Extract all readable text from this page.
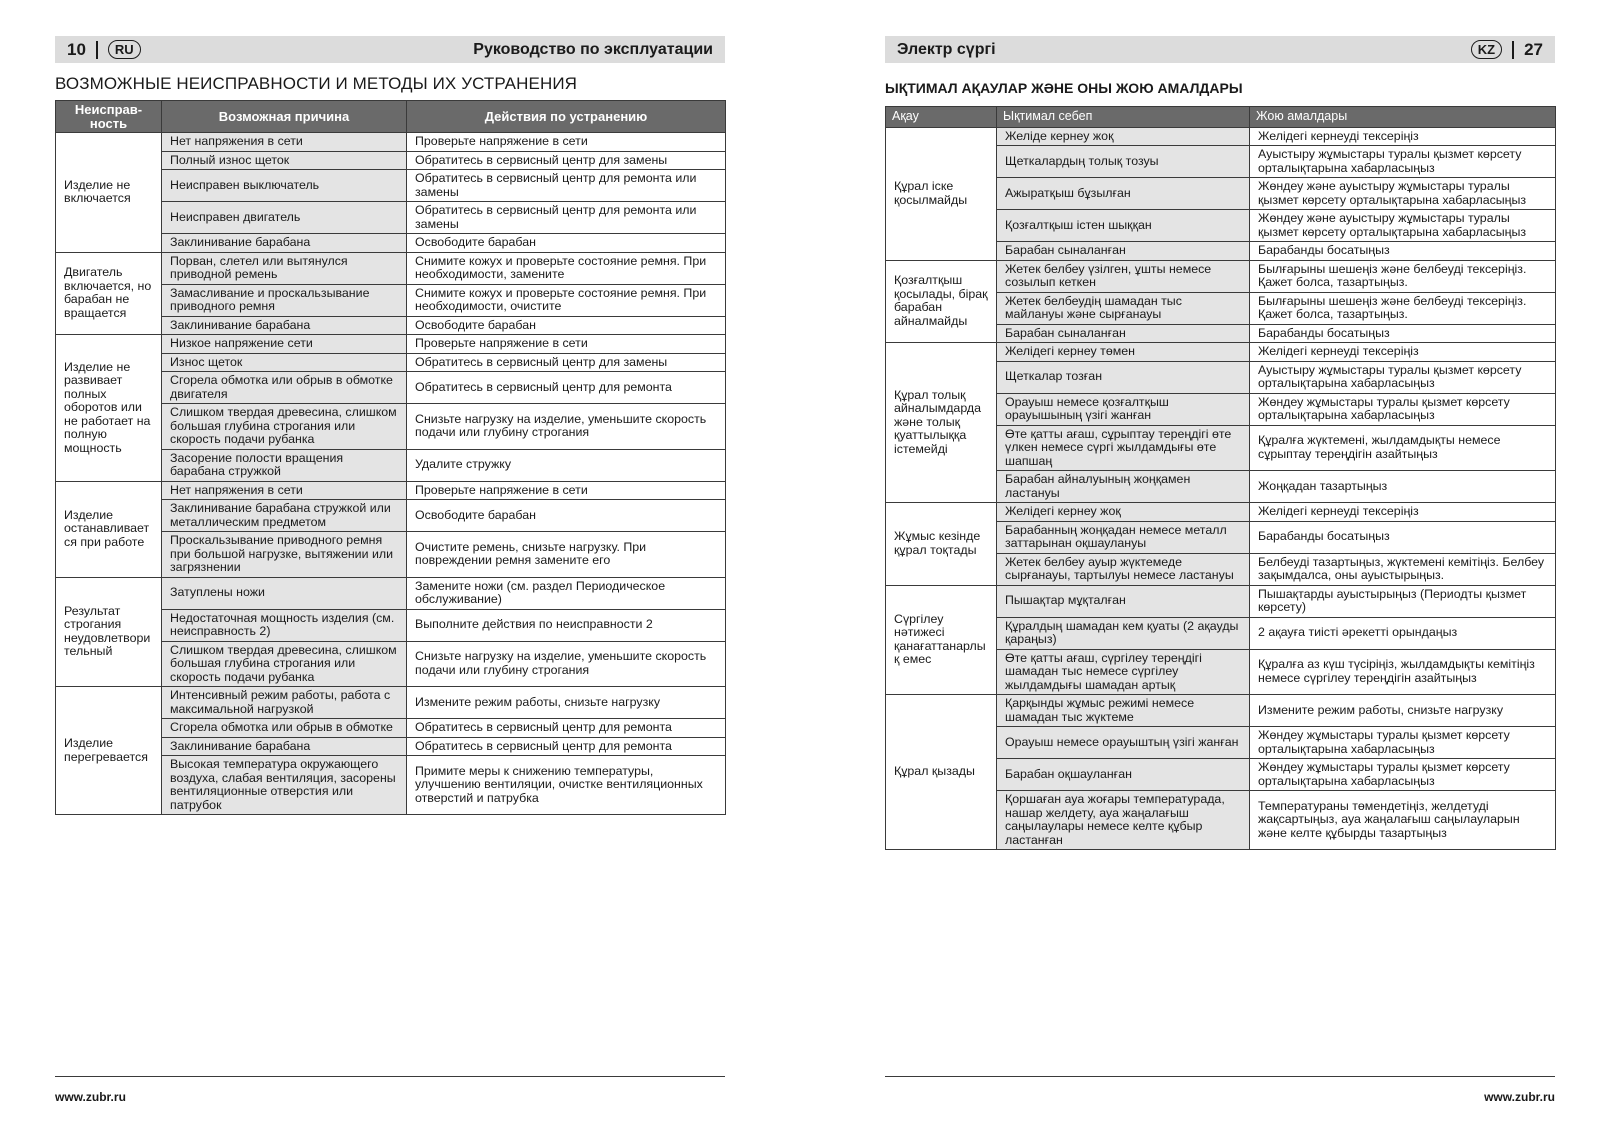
10	RU	Руководство по эксплуатации
ВОЗМОЖНЫЕ НЕИСПРАВНОСТИ И МЕТОДЫ ИХ УСТРАНЕНИЯ
Неисправ-ность	Возможная причина	Действия по устранению
Изделие не включается	Нет напряжения в сети	Проверьте напряжение в сети
	Полный износ щеток	Обратитесь в сервисный центр для замены
	Неисправен выключатель	Обратитесь в сервисный центр для ремонта или замены
	Неисправен двигатель	Обратитесь в сервисный центр для ремонта или замены
	Заклинивание барабана	Освободите барабан
Двигатель включается, но барабан не вращается	Порван, слетел или вытянулся приводной ремень	Снимите кожух и проверьте состояние ремня. При необходимости, замените
	Замасливание и проскальзывание приводного ремня	Снимите кожух и проверьте состояние ремня. При необходимости, очистите
	Заклинивание барабана	Освободите барабан
Изделие не развивает полных оборотов или не работает на полную мощность	Низкое напряжение сети	Проверьте напряжение в сети
	Износ щеток	Обратитесь в сервисный центр для замены
	Сгорела обмотка или обрыв в обмотке двигателя	Обратитесь в сервисный центр для ремонта
	Слишком твердая древесина, слишком большая глубина строгания или скорость подачи рубанка	Снизьте нагрузку на изделие, уменьшите скорость подачи или глубину строгания
	Засорение полости вращения барабана стружкой	Удалите стружку
Изделие останавливается при работе	Нет напряжения в сети	Проверьте напряжение в сети
	Заклинивание барабана стружкой или металлическим предметом	Освободите барабан
	Проскальзывание приводного ремня при большой нагрузке, вытяжении или загрязнении	Очистите ремень, снизьте нагрузку. При повреждении ремня замените его
Результат строгания неудовлетворительный	Затуплены ножи	Замените ножи (см. раздел Периодическое обслуживание)
	Недостаточная мощность изделия (см. неисправность 2)	Выполните действия по неисправности 2
	Слишком твердая древесина, слишком большая глубина строгания или скорость подачи рубанка	Снизьте нагрузку на изделие, уменьшите скорость подачи или глубину строгания
Изделие перегревается	Интенсивный режим работы, работа с максимальной нагрузкой	Измените режим работы, снизьте нагрузку
	Сгорела обмотка или обрыв в обмотке	Обратитесь в сервисный центр для ремонта
	Заклинивание барабана	Обратитесь в сервисный центр для ремонта
	Высокая температура окружающего воздуха, слабая вентиляция, засорены вентиляционные отверстия или патрубок	Примите меры к снижению температуры, улучшению вентиляции, очистке вентиляционных отверстий и патрубка
www.zubr.ru
Электр сүргі	KZ	27
ЫҚТИМАЛ АҚАУЛАР ЖӘНЕ ОНЫ ЖОЮ АМАЛДАРЫ
Ақау	Ықтимал себеп	Жою амалдары
Құрал іске қосылмайды	Желіде кернеу жоқ	Желідегі кернеуді тексеріңіз
	Щеткалардың толық тозуы	Ауыстыру жұмыстары туралы қызмет көрсету орталықтарына хабарласыңыз
	Ажыратқыш бұзылған	Жөндеу және ауыстыру жұмыстары туралы қызмет көрсету орталықтарына хабарласыңыз
	Қозғалтқыш істен шыққан	Жөндеу және ауыстыру жұмыстары туралы қызмет көрсету орталықтарына хабарласыңыз
	Барабан сыналанған	Барабанды босатыңыз
Қозғалтқыш қосылады, бірақ барабан айналмайды	Жетек белбеу үзілген, ұшты немесе созылып кеткен	Былғарыны шешеңіз және белбеуді тексеріңіз. Қажет болса, тазартыңыз.
	Жетек белбеудің шамадан тыс майлануы және сырғанауы	Былғарыны шешеңіз және белбеуді тексеріңіз. Қажет болса, тазартыңыз.
	Барабан сыналанған	Барабанды босатыңыз
Құрал толық айналымдарда және толық қуаттылыққа істемейді	Желідегі кернеу төмен	Желідегі кернеуді тексеріңіз
	Щеткалар тозған	Ауыстыру жұмыстары туралы қызмет көрсету орталықтарына хабарласыңыз
	Орауыш немесе қозғалтқыш орауышының үзігі жанған	Жөндеу жұмыстары туралы қызмет көрсету орталықтарына хабарласыңыз
	Өте қатты ағаш, сұрыптау тереңдігі өте үлкен немесе сүргі жылдамдығы өте шапшаң	Құралға жүктемені, жылдамдықты немесе сұрыптау тереңдігін азайтыңыз
	Барабан айналуының жоңқамен ластануы	Жоңқадан тазартыңыз
Жұмыс кезінде құрал тоқтады	Желідегі кернеу жоқ	Желідегі кернеуді тексеріңіз
	Барабанның жоңқадан немесе металл заттарынан оқшаулануы	Барабанды босатыңыз
	Жетек белбеу ауыр жүктемеде сырғанауы, тартылуы немесе ластануы	Белбеуді тазартыңыз, жүктемені кемітіңіз. Белбеу зақымдалса, оны ауыстырыңыз.
Сүргілеу нәтижесі қанағаттанарлық емес	Пышақтар мұқталған	Пышақтарды ауыстырыңыз (Периодты қызмет көрсету)
	Құралдың шамадан кем қуаты (2 ақауды қараңыз)	2 ақауға тиісті әрекетті орындаңыз
	Өте қатты ағаш, сүргілеу тереңдігі шамадан тыс немесе сүргілеу жылдамдығы шамадан артық	Құралға аз күш түсіріңіз, жылдамдықты кемітіңіз немесе сүргілеу тереңдігін азайтыңыз
Құрал қызады	Қарқынды жұмыс режимі немесе шамадан тыс жүктеме	Измените режим работы, снизьте нагрузку
	Орауыш немесе орауыштың үзігі жанған	Жөндеу жұмыстары туралы қызмет көрсету орталықтарына хабарласыңыз
	Барабан оқшауланған	Жөндеу жұмыстары туралы қызмет көрсету орталықтарына хабарласыңыз
	Қоршаған ауа жоғары температурада, нашар желдету, ауа жаңалағыш саңылаулары немесе келте құбыр ластанған	Температураны төмендетіңіз, желдетуді жақсартыңыз, ауа жаңалағыш саңылауларын және келте құбырды тазартыңыз
www.zubr.ru
